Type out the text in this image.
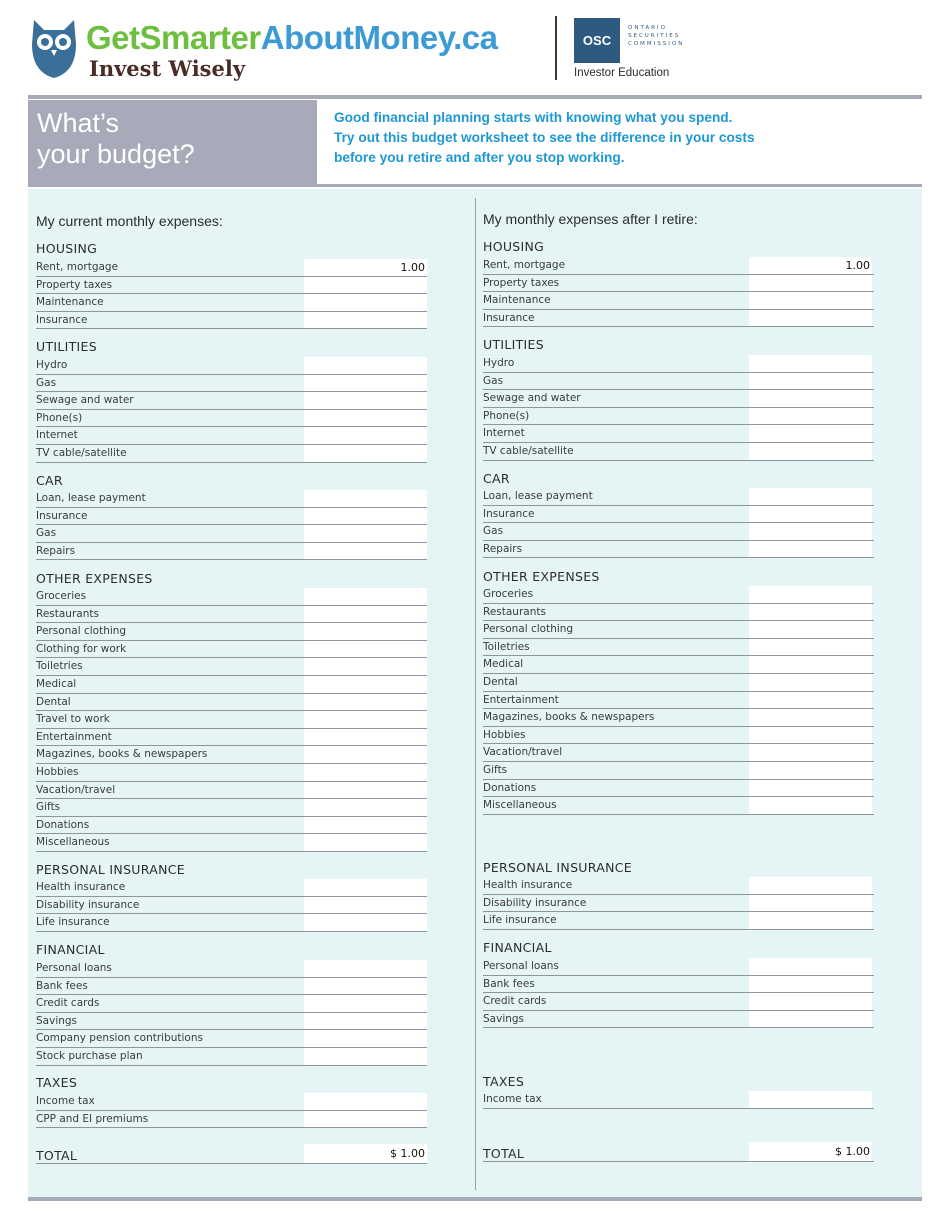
GetSmarterAboutMoney.ca
Invest Wisely
OSC
ONTARIO
SECURITIES
COMMISSION
Investor Education
What’s
your budget?
Good financial planning starts with knowing what you spend.
Try out this budget worksheet to see the difference in your costs
before you retire and after you stop working.
My current monthly expenses:
HOUSING
Rent, mortgage	1.00
Property taxes
Maintenance
Insurance
UTILITIES
Hydro
Gas
Sewage and water
Phone(s)
Internet
TV cable/satellite
CAR
Loan, lease payment
Insurance
Gas
Repairs
OTHER EXPENSES
Groceries
Restaurants
Personal clothing
Clothing for work
Toiletries
Medical
Dental
Travel to work
Entertainment
Magazines, books & newspapers
Hobbies
Vacation/travel
Gifts
Donations
Miscellaneous
PERSONAL INSURANCE
Health insurance
Disability insurance
Life insurance
FINANCIAL
Personal loans
Bank fees
Credit cards
Savings
Company pension contributions
Stock purchase plan
TAXES
Income tax
CPP and EI premiums
TOTAL	$ 1.00
My monthly expenses after I retire:
HOUSING
Rent, mortgage	1.00
Property taxes
Maintenance
Insurance
UTILITIES
Hydro
Gas
Sewage and water
Phone(s)
Internet
TV cable/satellite
CAR
Loan, lease payment
Insurance
Gas
Repairs
OTHER EXPENSES
Groceries
Restaurants
Personal clothing
Toiletries
Medical
Dental
Entertainment
Magazines, books & newspapers
Hobbies
Vacation/travel
Gifts
Donations
Miscellaneous
PERSONAL INSURANCE
Health insurance
Disability insurance
Life insurance
FINANCIAL
Personal loans
Bank fees
Credit cards
Savings
TAXES
Income tax
TOTAL	$ 1.00
